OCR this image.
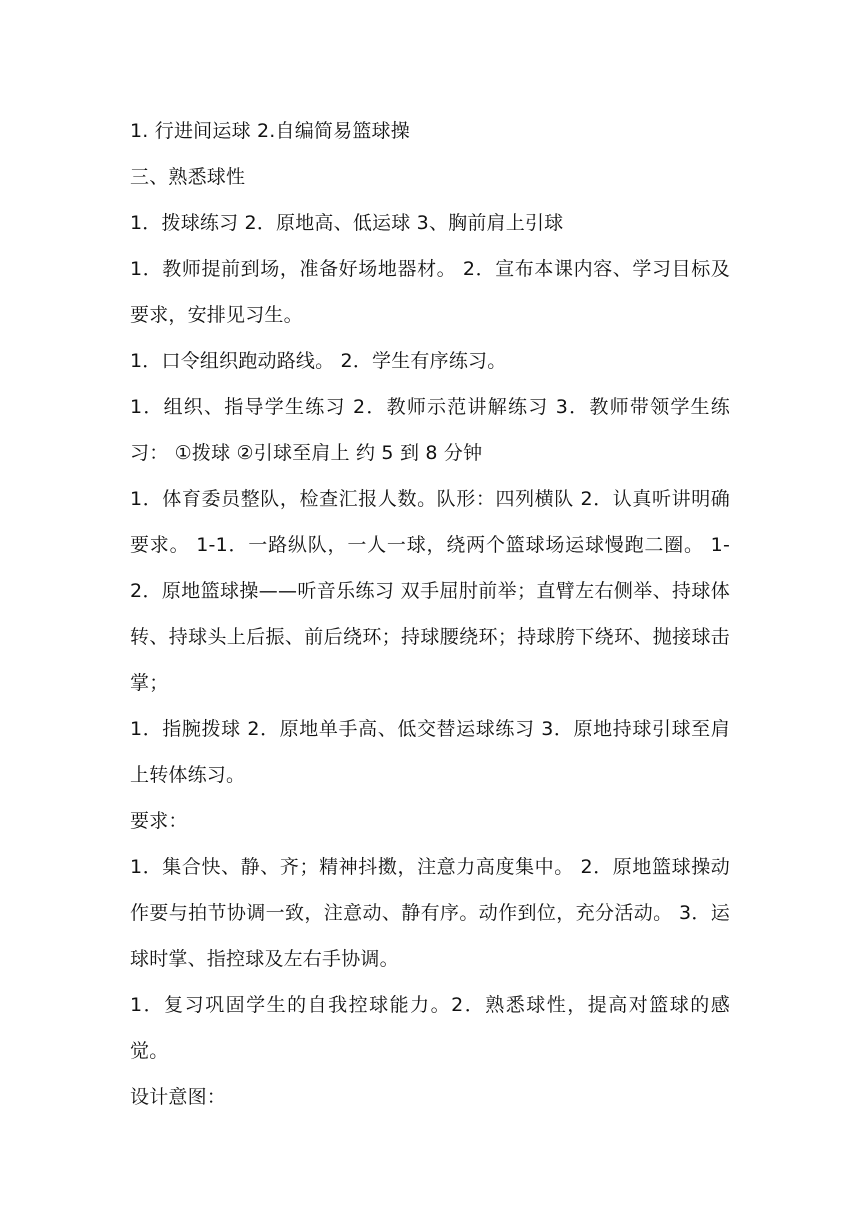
1. 行进间运球 2.自编简易篮球操

三、熟悉球性

1．拨球练习 2．原地高、低运球 3、胸前肩上引球

1．教师提前到场，准备好场地器材。 2．宣布本课内容、学习目标及要求，安排见习生。

1．口令组织跑动路线。 2．学生有序练习。

1．组织、指导学生练习 2．教师示范讲解练习 3．教师带领学生练习： ①拨球 ②引球至肩上 约 5 到 8 分钟

1．体育委员整队，检查汇报人数。队形：四列横队 2．认真听讲明确要求。 1-1．一路纵队，一人一球，绕两个篮球场运球慢跑二圈。 1-2．原地篮球操——听音乐练习 双手屈肘前举；直臂左右侧举、持球体转、持球头上后振、前后绕环；持球腰绕环；持球胯下绕环、抛接球击掌；

1．指腕拨球 2．原地单手高、低交替运球练习 3．原地持球引球至肩上转体练习。

要求：

1．集合快、静、齐；精神抖擞，注意力高度集中。 2．原地篮球操动作要与拍节协调一致，注意动、静有序。动作到位，充分活动。 3．运球时掌、指控球及左右手协调。

1．复习巩固学生的自我控球能力。2．熟悉球性，提高对篮球的感觉。

设计意图：
